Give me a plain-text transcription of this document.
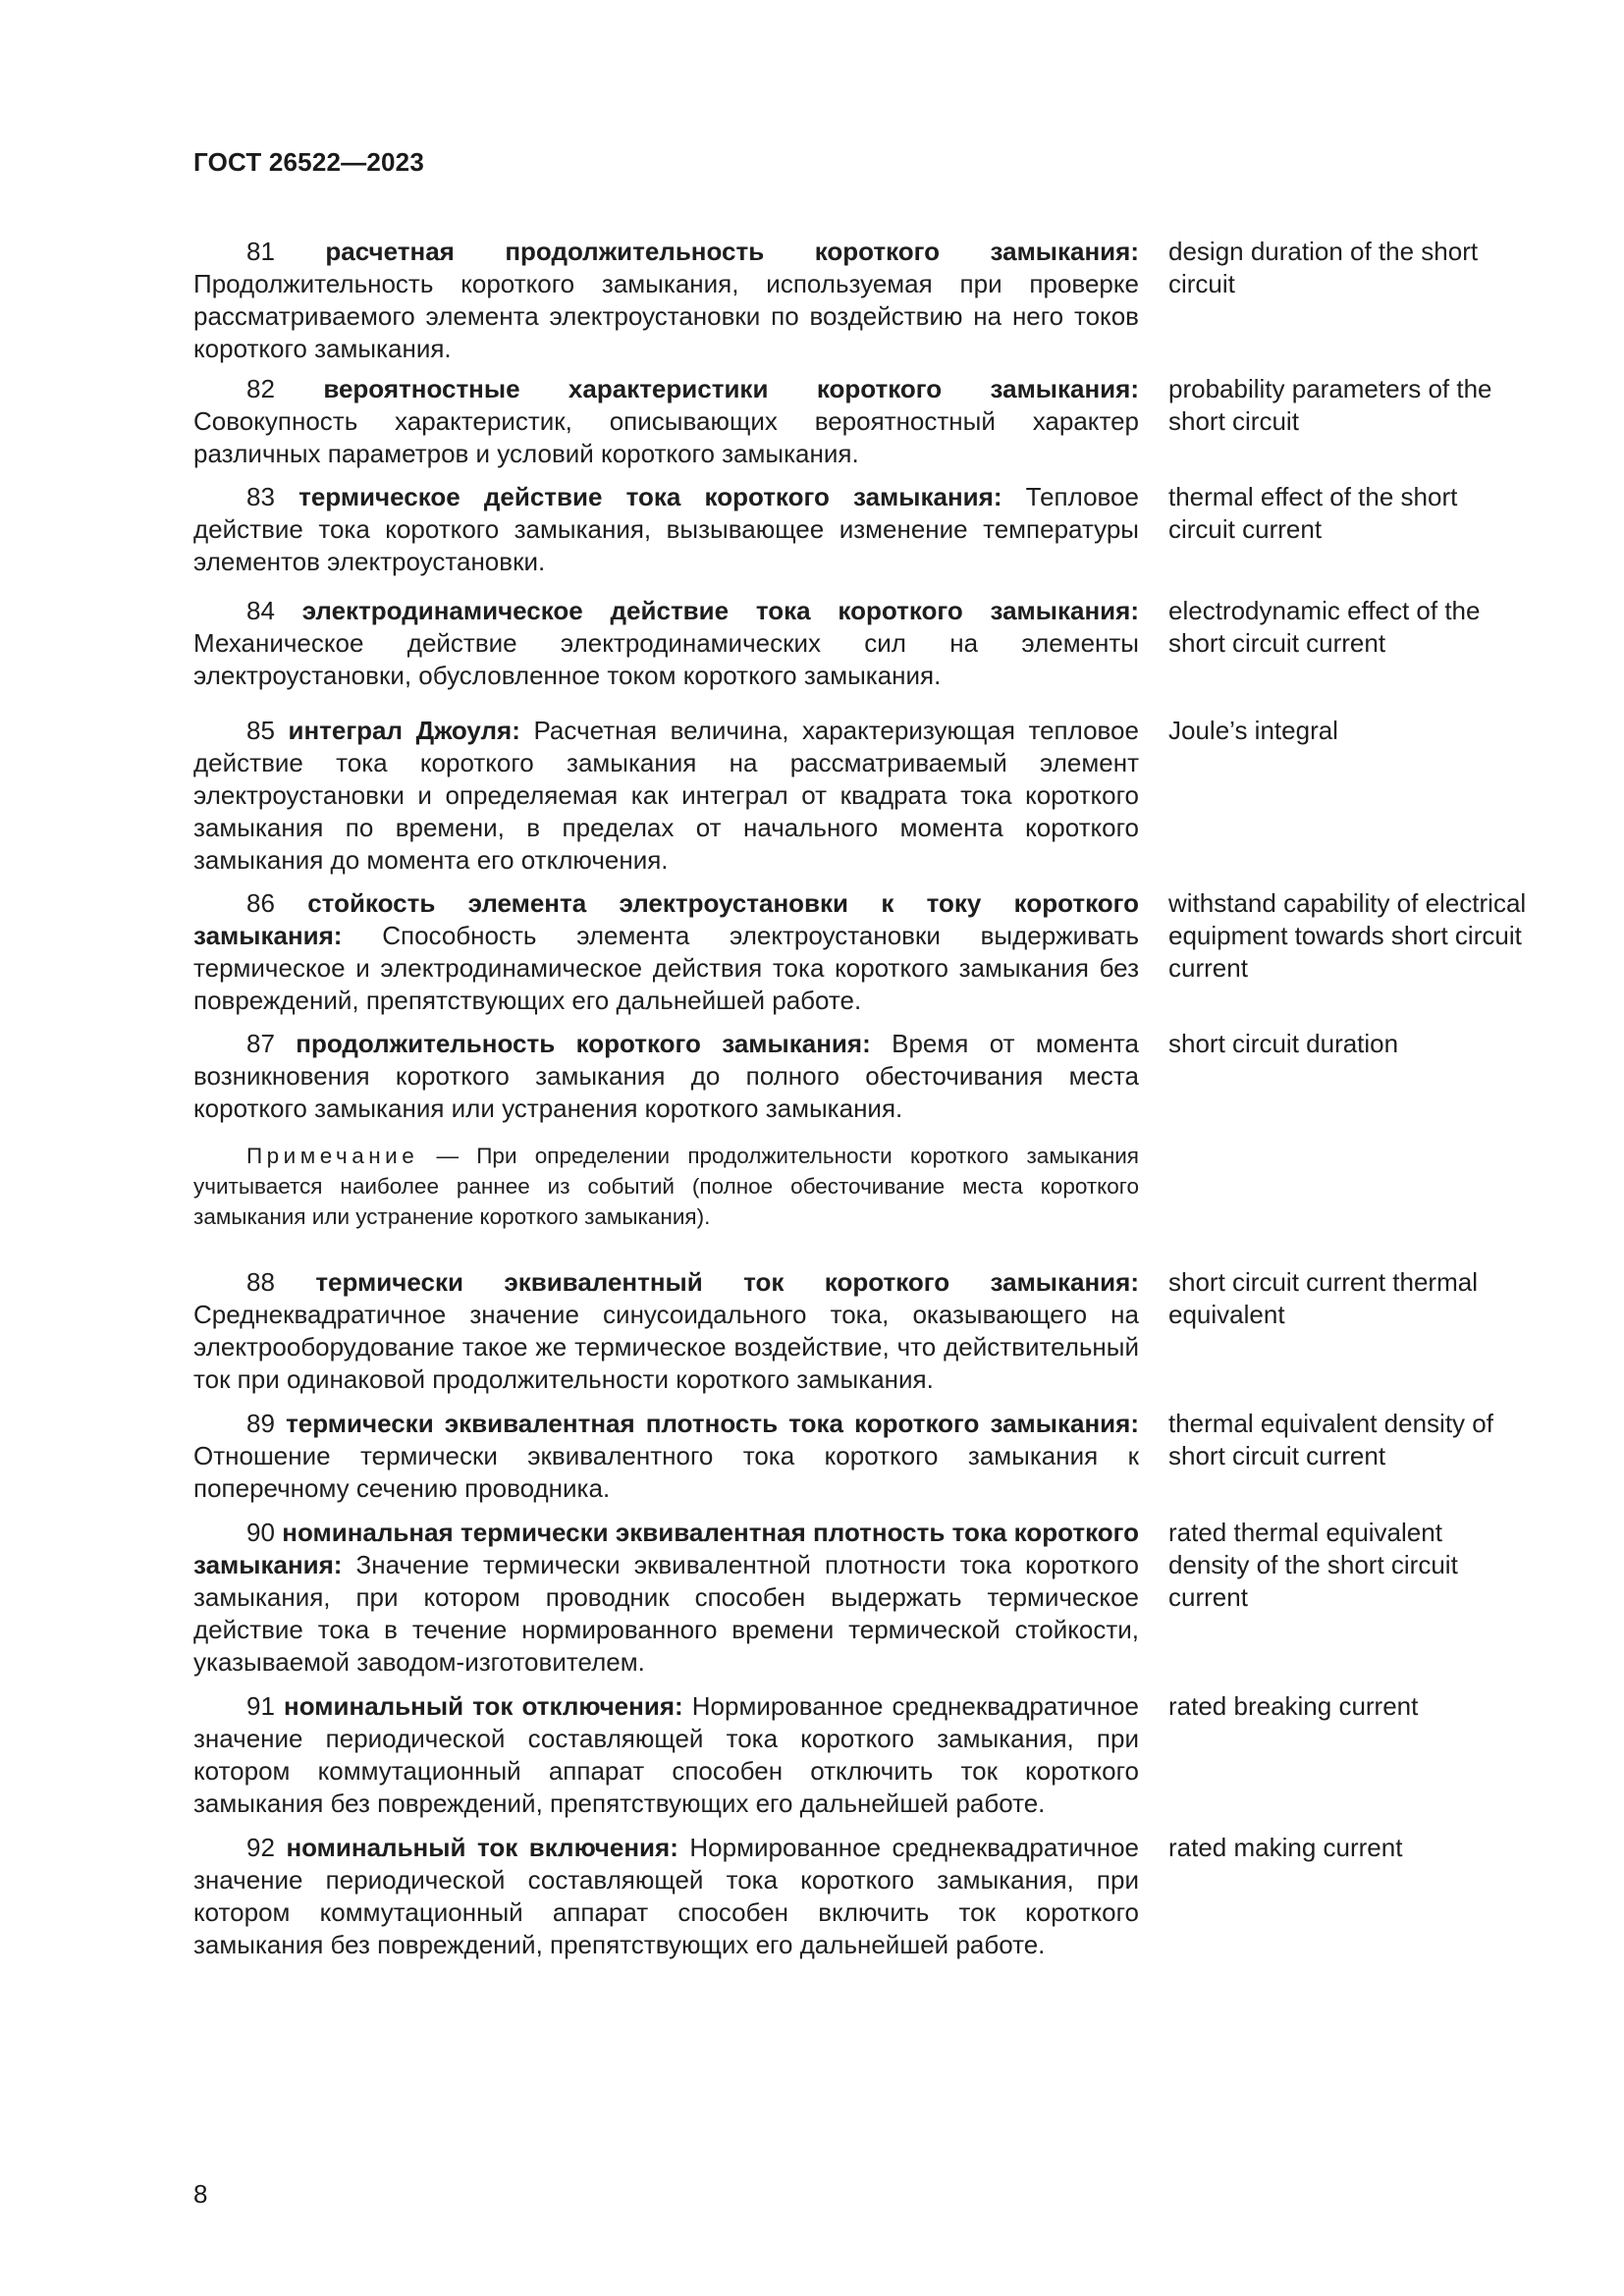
ГОСТ 26522—2023

81 расчетная продолжительность короткого замыкания: Продолжительность короткого замыкания, используемая при проверке рассматриваемого элемента электроустановки по воздействию на него токов короткого замыкания.

design duration of the short circuit

82 вероятностные характеристики короткого замыкания: Совокупность характеристик, описывающих вероятностный характер различных параметров и условий короткого замыкания.

probability parameters of the short circuit

83 термическое действие тока короткого замыкания: Тепловое действие тока короткого замыкания, вызывающее изменение температуры элементов электроустановки.

thermal effect of the short circuit current

84 электродинамическое действие тока короткого замыкания: Механическое действие электродинамических сил на элементы электроустановки, обусловленное током короткого замыкания.

electrodynamic effect of the short circuit current

85 интеграл Джоуля: Расчетная величина, характеризующая тепловое действие тока короткого замыкания на рассматриваемый элемент электроустановки и определяемая как интеграл от квадрата тока короткого замыкания по времени, в пределах от начального момента короткого замыкания до момента его отключения.

Joule’s integral

86 стойкость элемента электроустановки к току короткого замыкания: Способность элемента электроустановки выдерживать термическое и электродинамическое действия тока короткого замыкания без повреждений, препятствующих его дальнейшей работе.

withstand capability of electrical equipment towards short circuit current

87 продолжительность короткого замыкания: Время от момента возникновения короткого замыкания до полного обесточивания места короткого замыкания или устранения короткого замыкания.

short circuit duration

Примечание — При определении продолжительности короткого замыкания учитывается наиболее раннее из событий (полное обесточивание места короткого замыкания или устранение короткого замыкания).

88 термически эквивалентный ток короткого замыкания: Среднеквадратичное значение синусоидального тока, оказывающего на электрооборудование такое же термическое воздействие, что действительный ток при одинаковой продолжительности короткого замыкания.

short circuit current thermal equivalent

89 термически эквивалентная плотность тока короткого замыкания: Отношение термически эквивалентного тока короткого замыкания к поперечному сечению проводника.

thermal equivalent density of short circuit current

90 номинальная термически эквивалентная плотность тока короткого замыкания: Значение термически эквивалентной плотности тока короткого замыкания, при котором проводник способен выдержать термическое действие тока в течение нормированного времени термической стойкости, указываемой заводом-изготовителем.

rated thermal equivalent density of the short circuit current

91 номинальный ток отключения: Нормированное среднеквадратичное значение периодической составляющей тока короткого замыкания, при котором коммутационный аппарат способен отключить ток короткого замыкания без повреждений, препятствующих его дальнейшей работе.

rated breaking current

92 номинальный ток включения: Нормированное среднеквадратичное значение периодической составляющей тока короткого замыкания, при котором коммутационный аппарат способен включить ток короткого замыкания без повреждений, препятствующих его дальнейшей работе.

rated making current
8
